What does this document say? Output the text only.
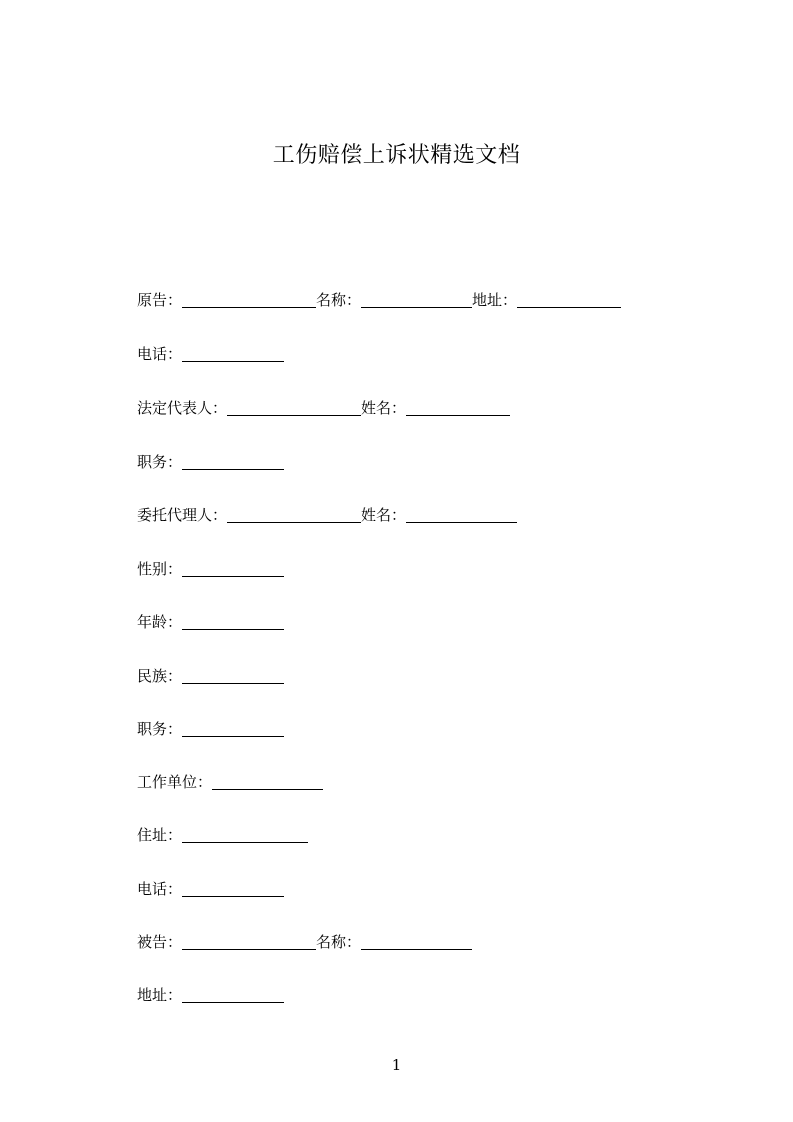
工伤赔偿上诉状精选文档
原告：	名称：	地址：
电话：
法定代表人：	姓名：
职务：
委托代理人：	姓名：
性别：
年龄：
民族：
职务：
工作单位：
住址：
电话：
被告：	名称：
地址：
1
